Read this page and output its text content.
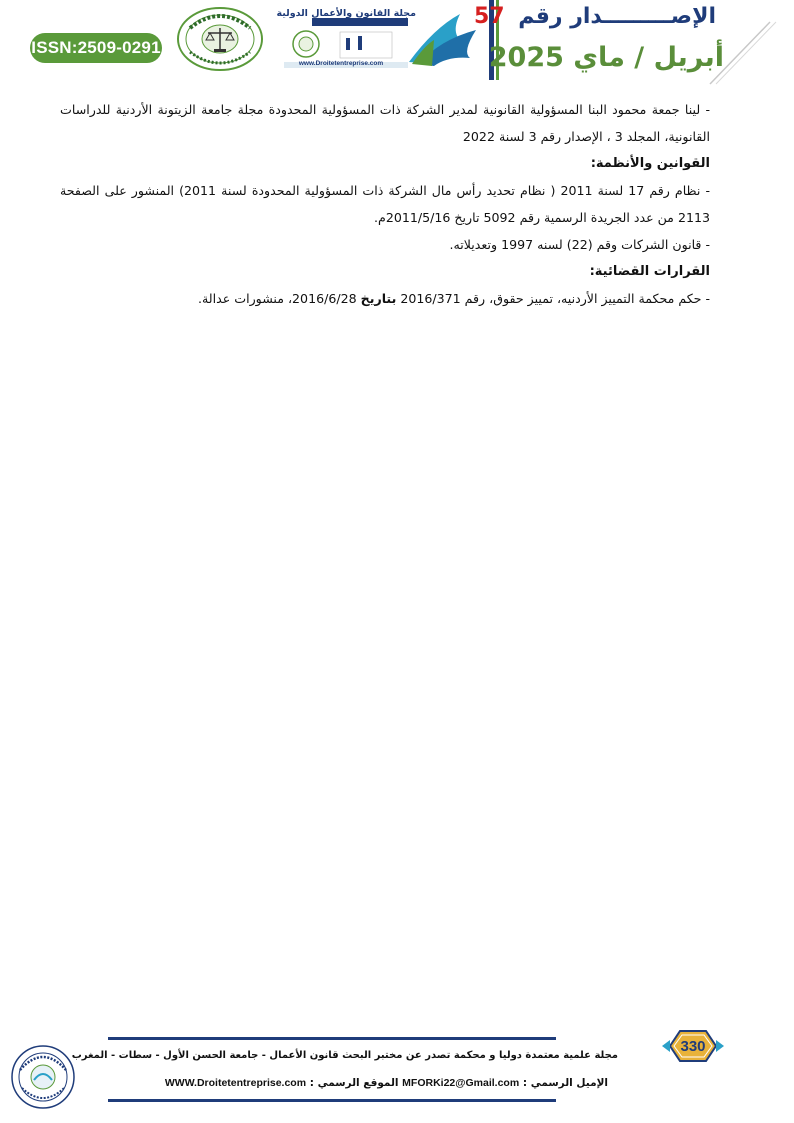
ISSN:2509-0291
مجلة القانون والأعمال الدولية
www.Droitetentreprise.com
الإصـــــــــدار رقم 57
أبريل / ماي 2025

- لينا جمعة محمود البنا المسؤولية القانونية لمدير الشركة ذات المسؤولية المحدودة مجلة جامعة الزيتونة الأردنية للدراسات القانونية، المجلد 3 ، الإصدار رقم 3 لسنة 2022

القوانين والأنظمة:

- نظام رقم 17 لسنة 2011 ( نظام تحديد رأس مال الشركة ذات المسؤولية المحدودة لسنة 2011) المنشور على الصفحة 2113 من عدد الجريدة الرسمية رقم 5092 تاريخ 2011/5/16م.

- قانون الشركات وقم (22) لسنه 1997 وتعديلاته.

القرارات القضائية:

- حكم محكمة التمييز الأردنيه، تمييز حقوق، رقم 2016/371 بتاريخ 2016/6/28، منشورات عدالة.

مجلة علمية معتمدة دوليا و محكمة تصدر عن مختبر البحث قانون الأعمال - جامعة الحسن الأول - سطات - المغرب
الإميل الرسمي : MFORKi22@Gmail.com الموقع الرسمي : WWW.Droitetentreprise.com
330
